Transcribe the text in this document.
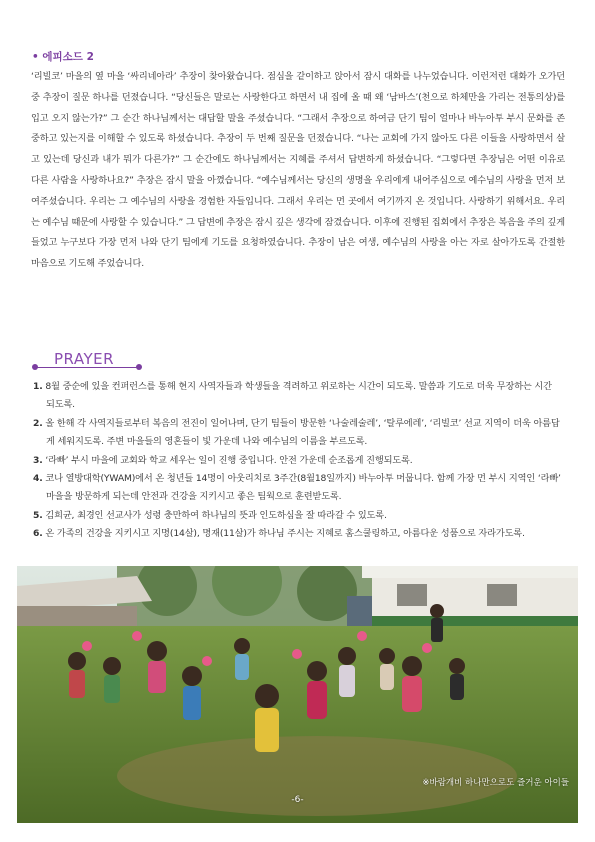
• 에피소드 2

‘리빌코’ 마을의 옆 마을 ‘싸리네아라’ 추장이 찾아왔습니다. 점심을 같이하고 앉아서 잠시 대화를 나누었습니다. 이런저런 대화가 오가던 중 추장이 질문 하나를 던졌습니다. “당신들은 말로는 사랑한다고 하면서 내 집에 올 때 왜 ‘남바스’(천으로 하체만을 가리는 전통의상)를 입고 오지 않는가?” 그 순간 하나님께서는 대답할 말을 주셨습니다. “그래서 추장으로 하여금 단기 팀이 얼마나 바누아투 부시 문화를 존중하고 있는지를 이해할 수 있도록 하셨습니다. 추장이 두 번째 질문을 던졌습니다. “나는 교회에 가지 않아도 다른 이들을 사랑하면서 살고 있는데 당신과 내가 뭐가 다른가?” 그 순간에도 하나님께서는 지혜를 주셔서 답변하게 하셨습니다. “그렇다면 추장님은 어떤 이유로 다른 사람을 사랑하나요?” 추장은 잠시 말을 아꼈습니다. “예수님께서는 당신의 생명을 우리에게 내어주심으로 예수님의 사랑을 먼저 보여주셨습니다. 우리는 그 예수님의 사랑을 경험한 자들입니다. 그래서 우리는 먼 곳에서 여기까지 온 것입니다. 사랑하기 위해서요. 우리는 예수님 때문에 사랑할 수 있습니다.” 그 답변에 추장은 잠시 깊은 생각에 잠겼습니다. 이후에 진행된 집회에서 추장은 복음을 주의 깊게 들었고 누구보다 가장 먼저 나와 단기 팀에게 기도를 요청하였습니다. 추장이 남은 여생, 예수님의 사랑을 아는 자로 살아가도록 간절한 마음으로 기도해 주었습니다.

PRAYER
1. 8월 중순에 있을 컨퍼런스를 통해 현지 사역자들과 학생들을 격려하고 위로하는 시간이 되도록. 말씀과 기도로 더욱 무장하는 시간 되도록.
2. 올 한해 각 사역지들로부터 복음의 전진이 일어나며, 단기 팀들이 방문한 ‘나술레술레’, ‘탈루에레’, ‘리빌코’ 선교 지역이 더욱 아름답게 세워지도록. 주변 마을들의 영혼들이 빛 가운데 나와 예수님의 이름을 부르도록.
3. ‘라빠’ 부시 마을에 교회와 학교 세우는 일이 진행 중입니다. 안전 가운데 순조롭게 진행되도록.
4. 코나 열방대학(YWAM)에서 온 청년들 14명이 아웃리치로 3주간(8월18일까지) 바누아투 머뭅니다. 함께 가장 먼 부시 지역인 ‘라빠’ 마을을 방문하게 되는데 안전과 건강을 지키시고 좋은 팀웍으로 훈련받도록.
5. 김희균, 최경인 선교사가 성령 충만하여 하나님의 뜻과 인도하심을 잘 따라갈 수 있도록.
6. 온 가족의 건강을 지키시고 지명(14살), 명재(11살)가 하나님 주시는 지혜로 홈스쿨링하고, 아름다운 성품으로 자라가도록.
※바람개비 하나만으로도 즐거운 아이들
-6-
